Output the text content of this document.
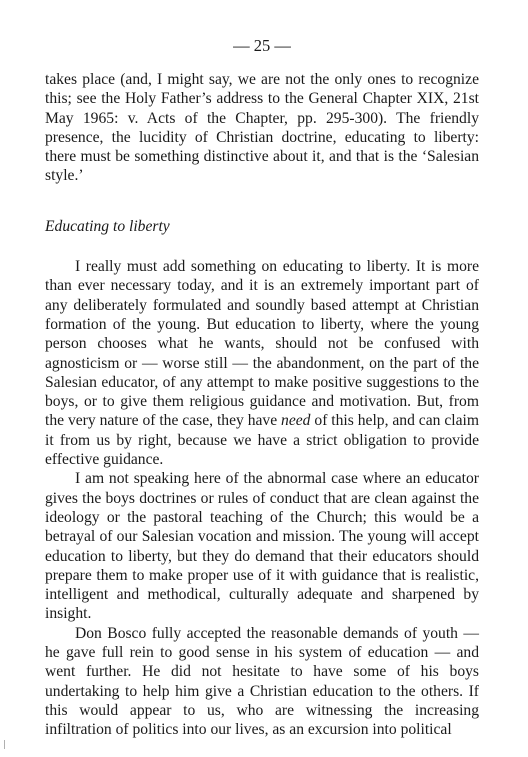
— 25 —

takes place (and, I might say, we are not the only ones to recognize this; see the Holy Father’s address to the General Chapter XIX, 21st May 1965: v. Acts of the Chapter, pp. 295-300). The friendly presence, the lucidity of Christian doctrine, educating to liberty: there must be something distinctive about it, and that is the ‘Salesian style.’

Educating to liberty

I really must add something on educating to liberty. It is more than ever necessary today, and it is an extremely important part of any deliberately formulated and soundly based attempt at Christian formation of the young. But education to liberty, where the young person chooses what he wants, should not be confused with agnosticism or — worse still — the abandonment, on the part of the Salesian educator, of any attempt to make positive suggestions to the boys, or to give them religious guidance and motivation. But, from the very nature of the case, they have need of this help, and can claim it from us by right, because we have a strict obligation to provide effective guidance.

I am not speaking here of the abnormal case where an educator gives the boys doctrines or rules of conduct that are clean against the ideology or the pastoral teaching of the Church; this would be a betrayal of our Salesian vocation and mission. The young will accept education to liberty, but they do demand that their educators should prepare them to make proper use of it with guidance that is realistic, intelligent and methodical, culturally adequate and sharpened by insight.

Don Bosco fully accepted the reasonable demands of youth — he gave full rein to good sense in his system of education — and went further. He did not hesitate to have some of his boys undertaking to help him give a Christian education to the others. If this would appear to us, who are witnessing the increasing infiltration of politics into our lives, as an excursion into political
